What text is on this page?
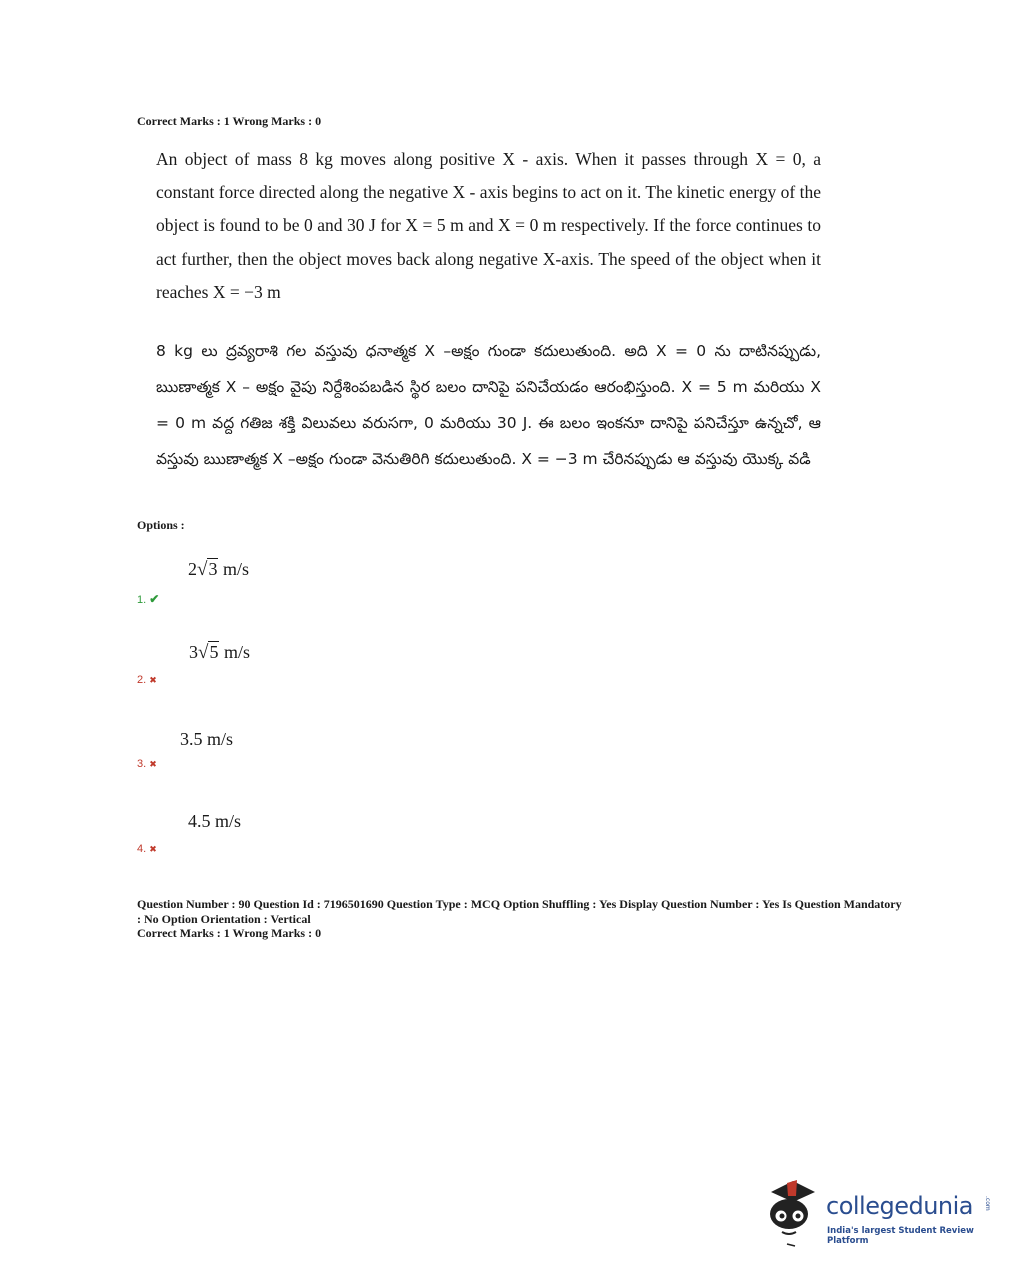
Correct Marks : 1 Wrong Marks : 0
An object of mass 8 kg moves along positive X - axis. When it passes through X = 0, a constant force directed along the negative X - axis begins to act on it. The kinetic energy of the object is found to be 0 and 30 J for X = 5 m and X = 0 m respectively. If the force continues to act further, then the object moves back along negative X-axis. The speed of the object when it reaches X = −3 m
8 kg లు ద్రవ్యరాశి గల వస్తువు ధనాత్మక X –అక్షం గుండా కదులుతుంది. అది X = 0 ను దాటినప్పుడు, ఋణాత్మక X – అక్షం వైపు నిర్దేశింపబడిన స్థిర బలం దానిపై పనిచేయడం ఆరంభిస్తుంది. X = 5 m మరియు X = 0 m వద్ద గతిజ శక్తి విలువలు వరుసగా, 0 మరియు 30 J. ఈ బలం ఇంకనూ దానిపై పనిచేస్తూ ఉన్నచో, ఆ వస్తువు ఋణాత్మక X –అక్షం గుండా వెనుతిరిగి కదులుతుంది. X = −3 m చేరినప్పుడు ఆ వస్తువు యొక్క వడి
Options :
2√3 m/s
1. ✔
3√5 m/s
2. ✖
3.5 m/s
3. ✖
4.5 m/s
4. ✖
Question Number : 90 Question Id : 7196501690 Question Type : MCQ Option Shuffling : Yes Display Question Number : Yes Is Question Mandatory : No Option Orientation : Vertical
Correct Marks : 1 Wrong Marks : 0
collegedunia .com
India's largest Student Review Platform
